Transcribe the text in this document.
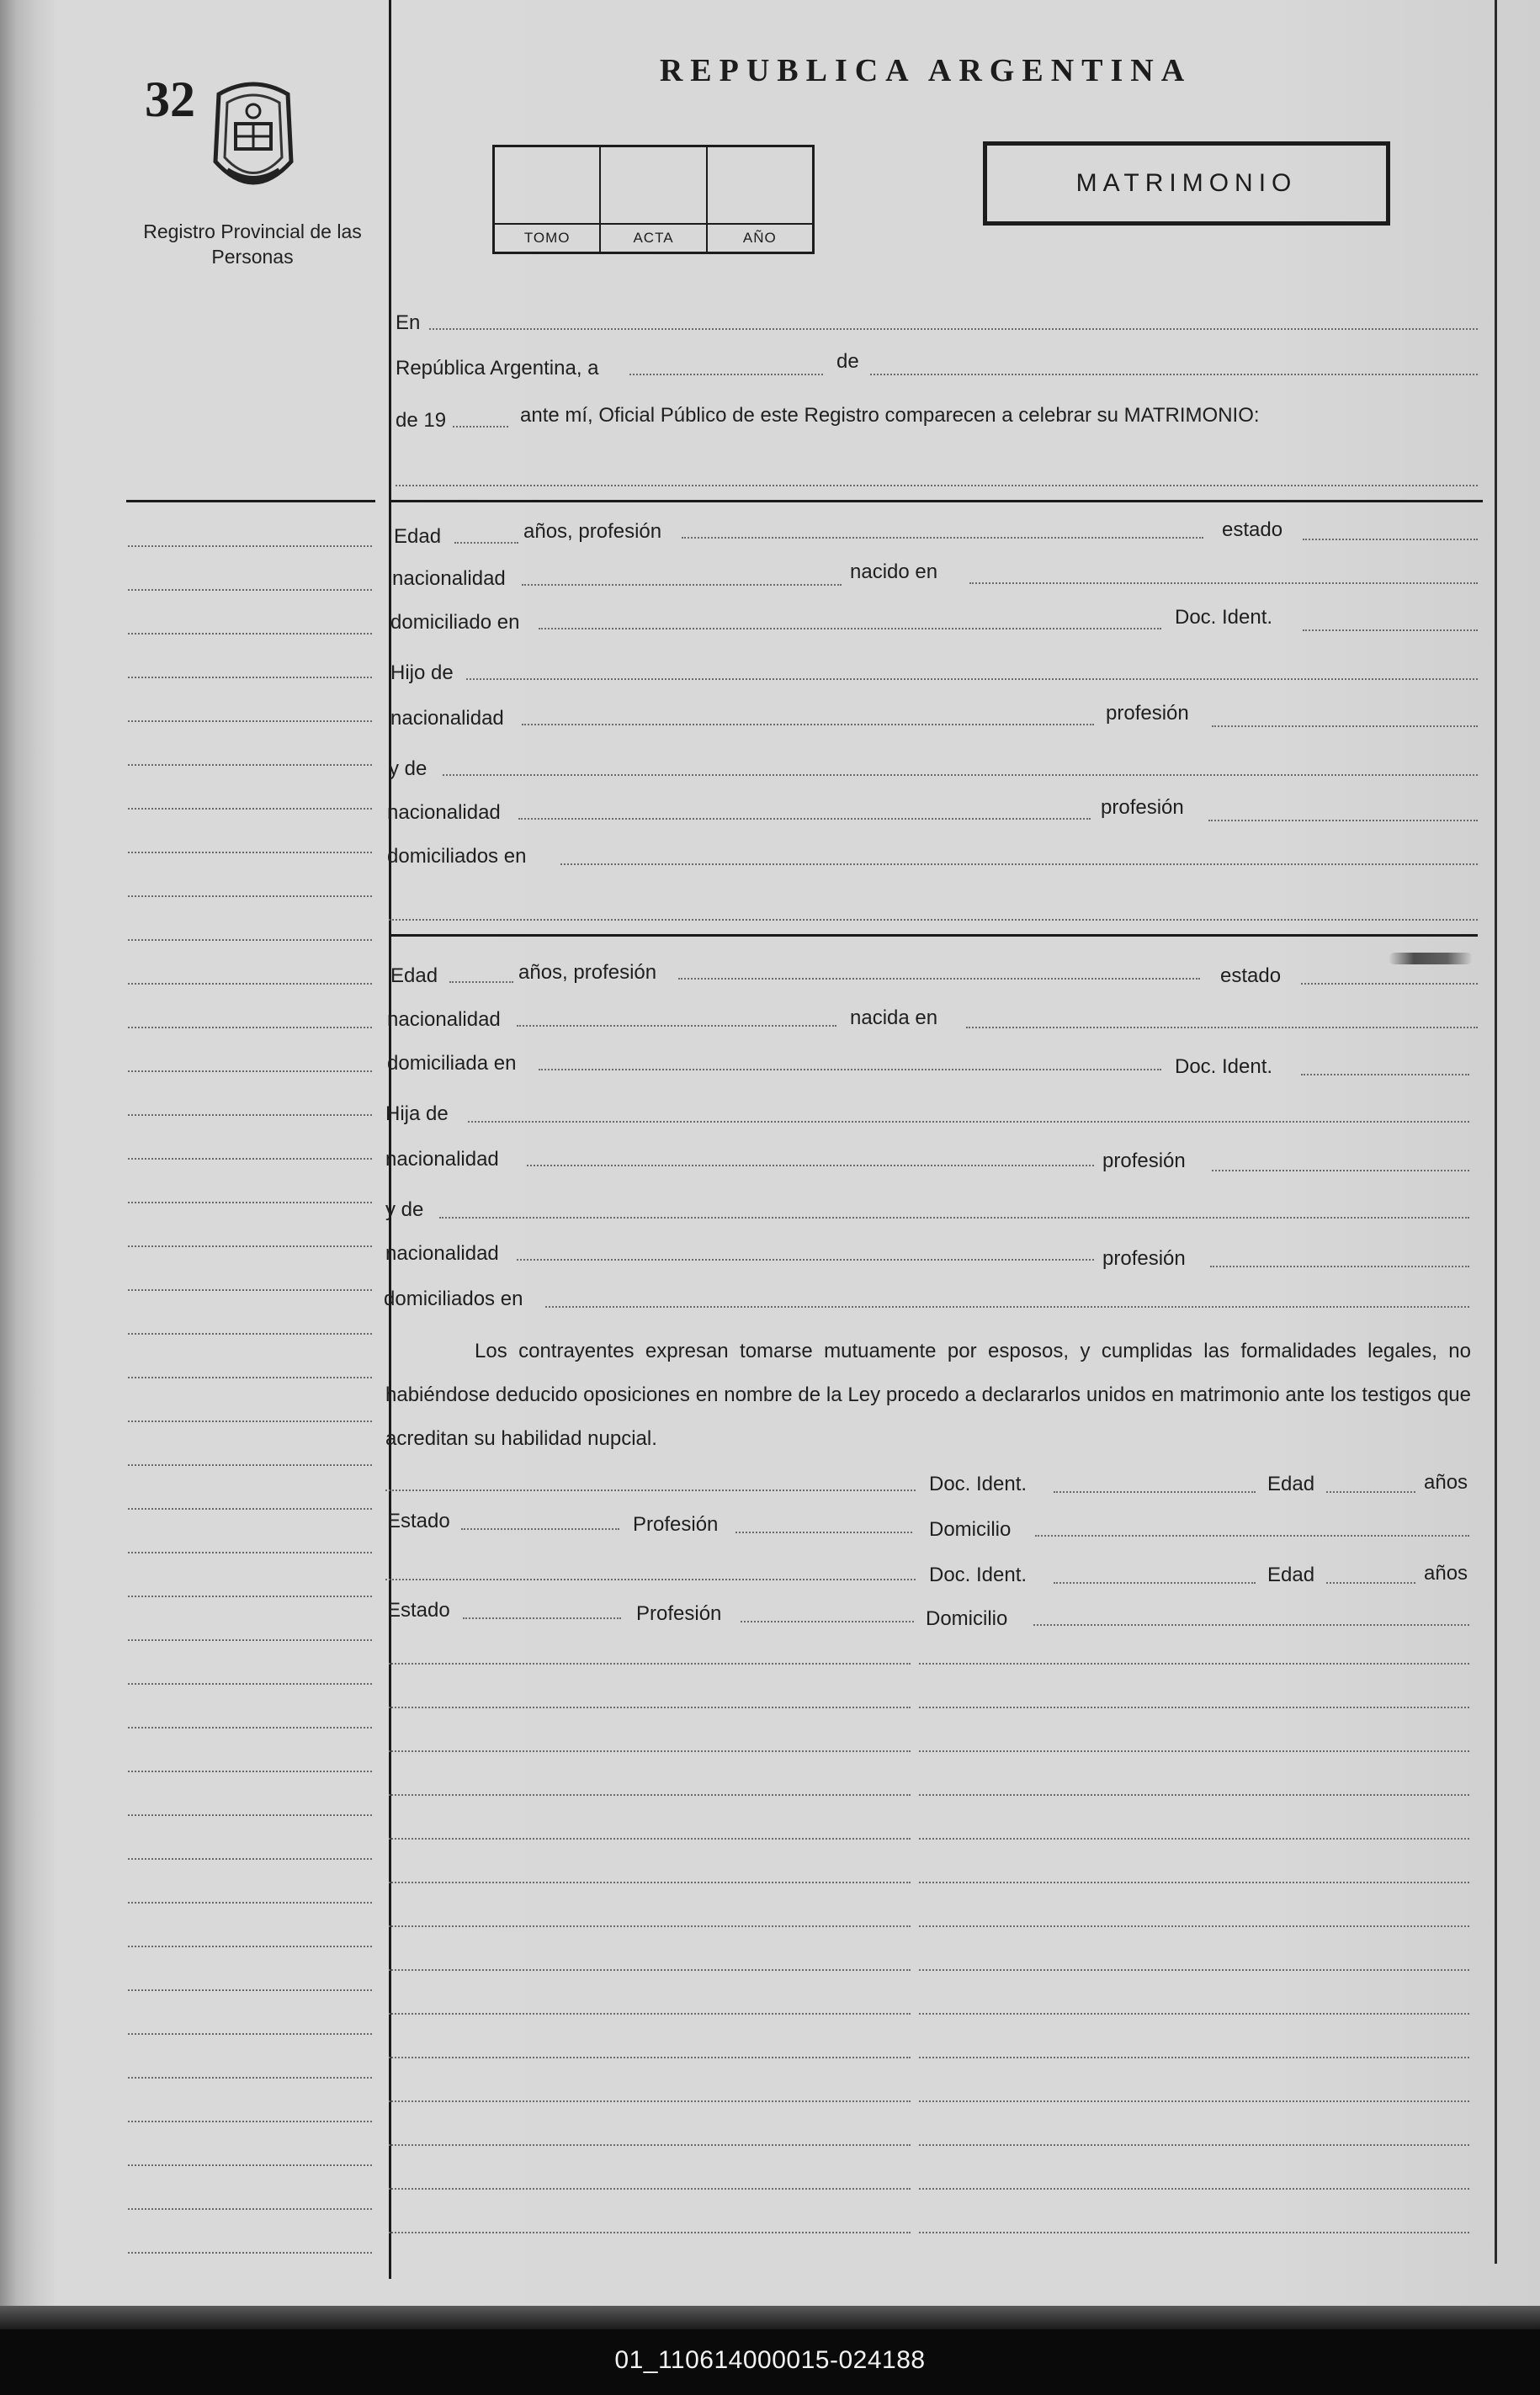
32
Registro Provincial de las Personas
REPUBLICA ARGENTINA
TOMO	ACTA	AÑO
MATRIMONIO
En
República Argentina, a	de
de 19	ante mí, Oficial Público de este Registro comparecen a celebrar su MATRIMONIO:
Edad	años, profesión	estado
nacionalidad	nacido en
domiciliado en	Doc. Ident.
Hijo de
nacionalidad	profesión
y de
nacionalidad	profesión
domiciliados en
Edad	años, profesión	estado
nacionalidad	nacida en
domiciliada en	Doc. Ident.
Hija de
nacionalidad	profesión
y de
nacionalidad	profesión
domiciliados en
Los contrayentes expresan tomarse mutuamente por esposos, y cumplidas las formalidades legales, no habiéndose deducido oposiciones en nombre de la Ley procedo a declararlos unidos en matrimonio ante los testigos que acreditan su habilidad nupcial.
Doc. Ident.	Edad	años
Estado	Profesión	Domicilio
Doc. Ident.	Edad	años
Estado	Profesión	Domicilio
01_110614000015-024188
